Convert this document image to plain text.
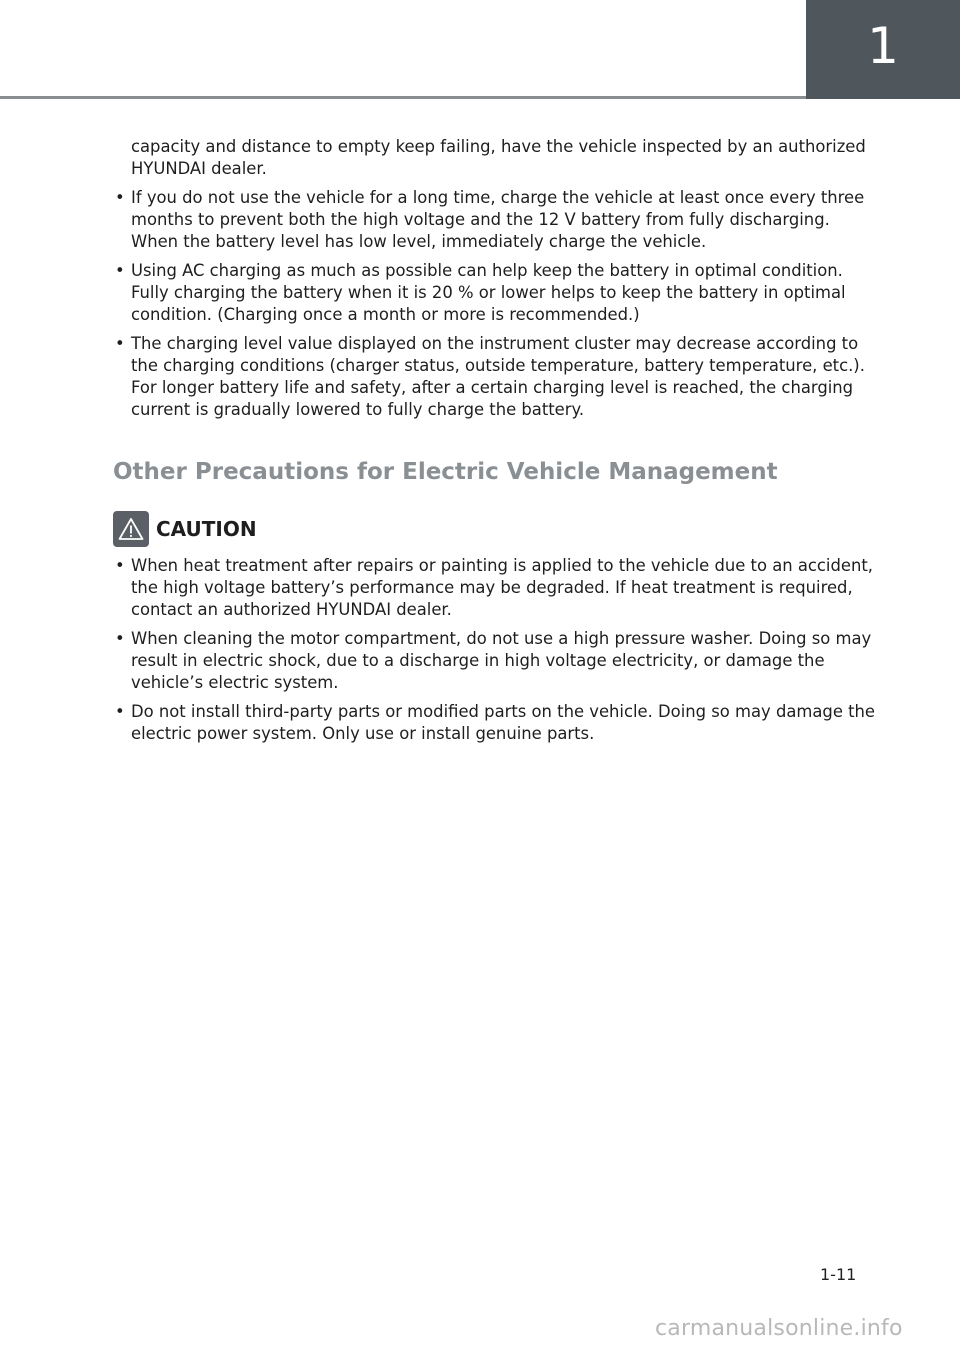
1

capacity and distance to empty keep failing, have the vehicle inspected by an authorized HYUNDAI dealer.

• If you do not use the vehicle for a long time, charge the vehicle at least once every three months to prevent both the high voltage and the 12 V battery from fully discharging. When the battery level has low level, immediately charge the vehicle.
• Using AC charging as much as possible can help keep the battery in optimal condition. Fully charging the battery when it is 20 % or lower helps to keep the battery in optimal condition. (Charging once a month or more is recommended.)
• The charging level value displayed on the instrument cluster may decrease according to the charging conditions (charger status, outside temperature, battery temperature, etc.). For longer battery life and safety, after a certain charging level is reached, the charging current is gradually lowered to fully charge the battery.
Other Precautions for Electric Vehicle Management
CAUTION
• When heat treatment after repairs or painting is applied to the vehicle due to an accident, the high voltage battery’s performance may be degraded. If heat treatment is required, contact an authorized HYUNDAI dealer.
• When cleaning the motor compartment, do not use a high pressure washer. Doing so may result in electric shock, due to a discharge in high voltage electricity, or damage the vehicle’s electric system.
• Do not install third-party parts or modified parts on the vehicle. Doing so may damage the electric power system. Only use or install genuine parts.
1-11
carmanualsonline.info
